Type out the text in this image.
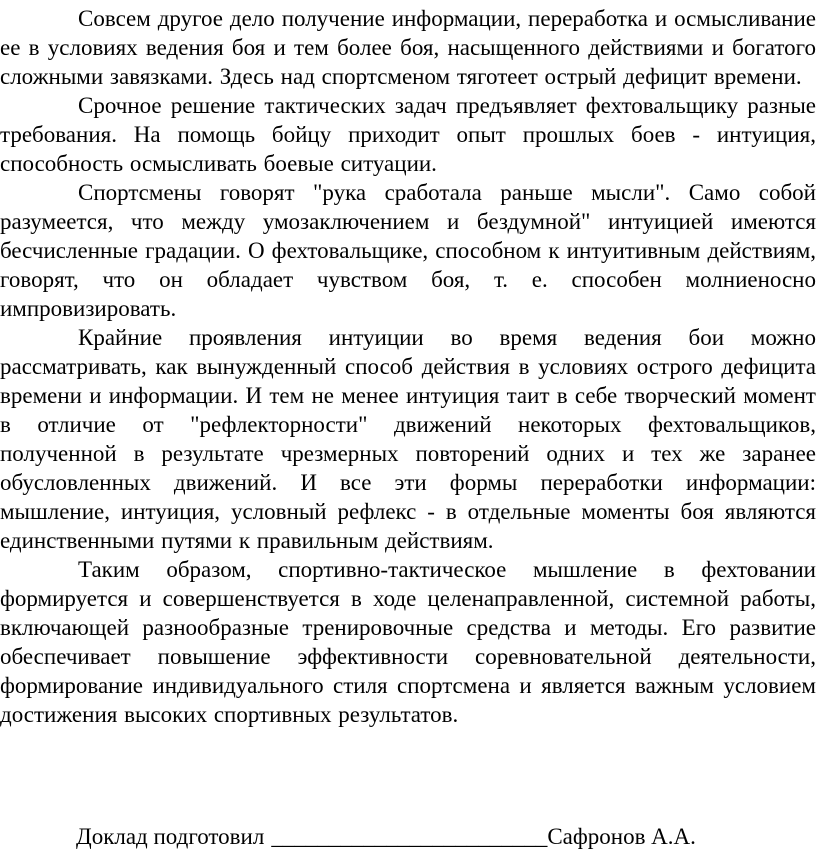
Совсем другое дело получение информации, переработка и осмысливание ее в условиях ведения боя и тем более боя, насыщенного действиями и богатого сложными завязками. Здесь над спортсменом тяготеет острый дефицит времени.

Срочное решение тактических задач предъявляет фехтовальщику разные требования. На помощь бойцу приходит опыт прошлых боев - интуиция, способность осмысливать боевые ситуации.

Спортсмены говорят "рука сработала раньше мысли". Само собой разумеется, что между умозаключением и бездумной" интуицией имеются бесчисленные градации. О фехтовальщике, способном к интуитивным действиям, говорят, что он обладает чувством боя, т. е. способен молниеносно импровизировать.

Крайние проявления интуиции во время ведения бои можно рассматривать, как вынужденный способ действия в условиях острого дефицита времени и информации. И тем не менее интуиция таит в себе творческий момент в отличие от "рефлекторности" движений некоторых фехтовальщиков, полученной в результате чрезмерных повторений одних и тех же заранее обусловленных движений. И все эти формы переработки информации: мышление, интуиция, условный рефлекс - в отдельные моменты боя являются единственными путями к правильным действиям.

Таким образом, спортивно-тактическое мышление в фехтовании формируется и совершенствуется в ходе целенаправленной, системной работы, включающей разнообразные тренировочные средства и методы. Его развитие обеспечивает повышение эффективности соревновательной деятельности, формирование индивидуального стиля спортсмена и является важным условием достижения высоких спортивных результатов.

Доклад подготовил ________________________Сафронов А.А.
